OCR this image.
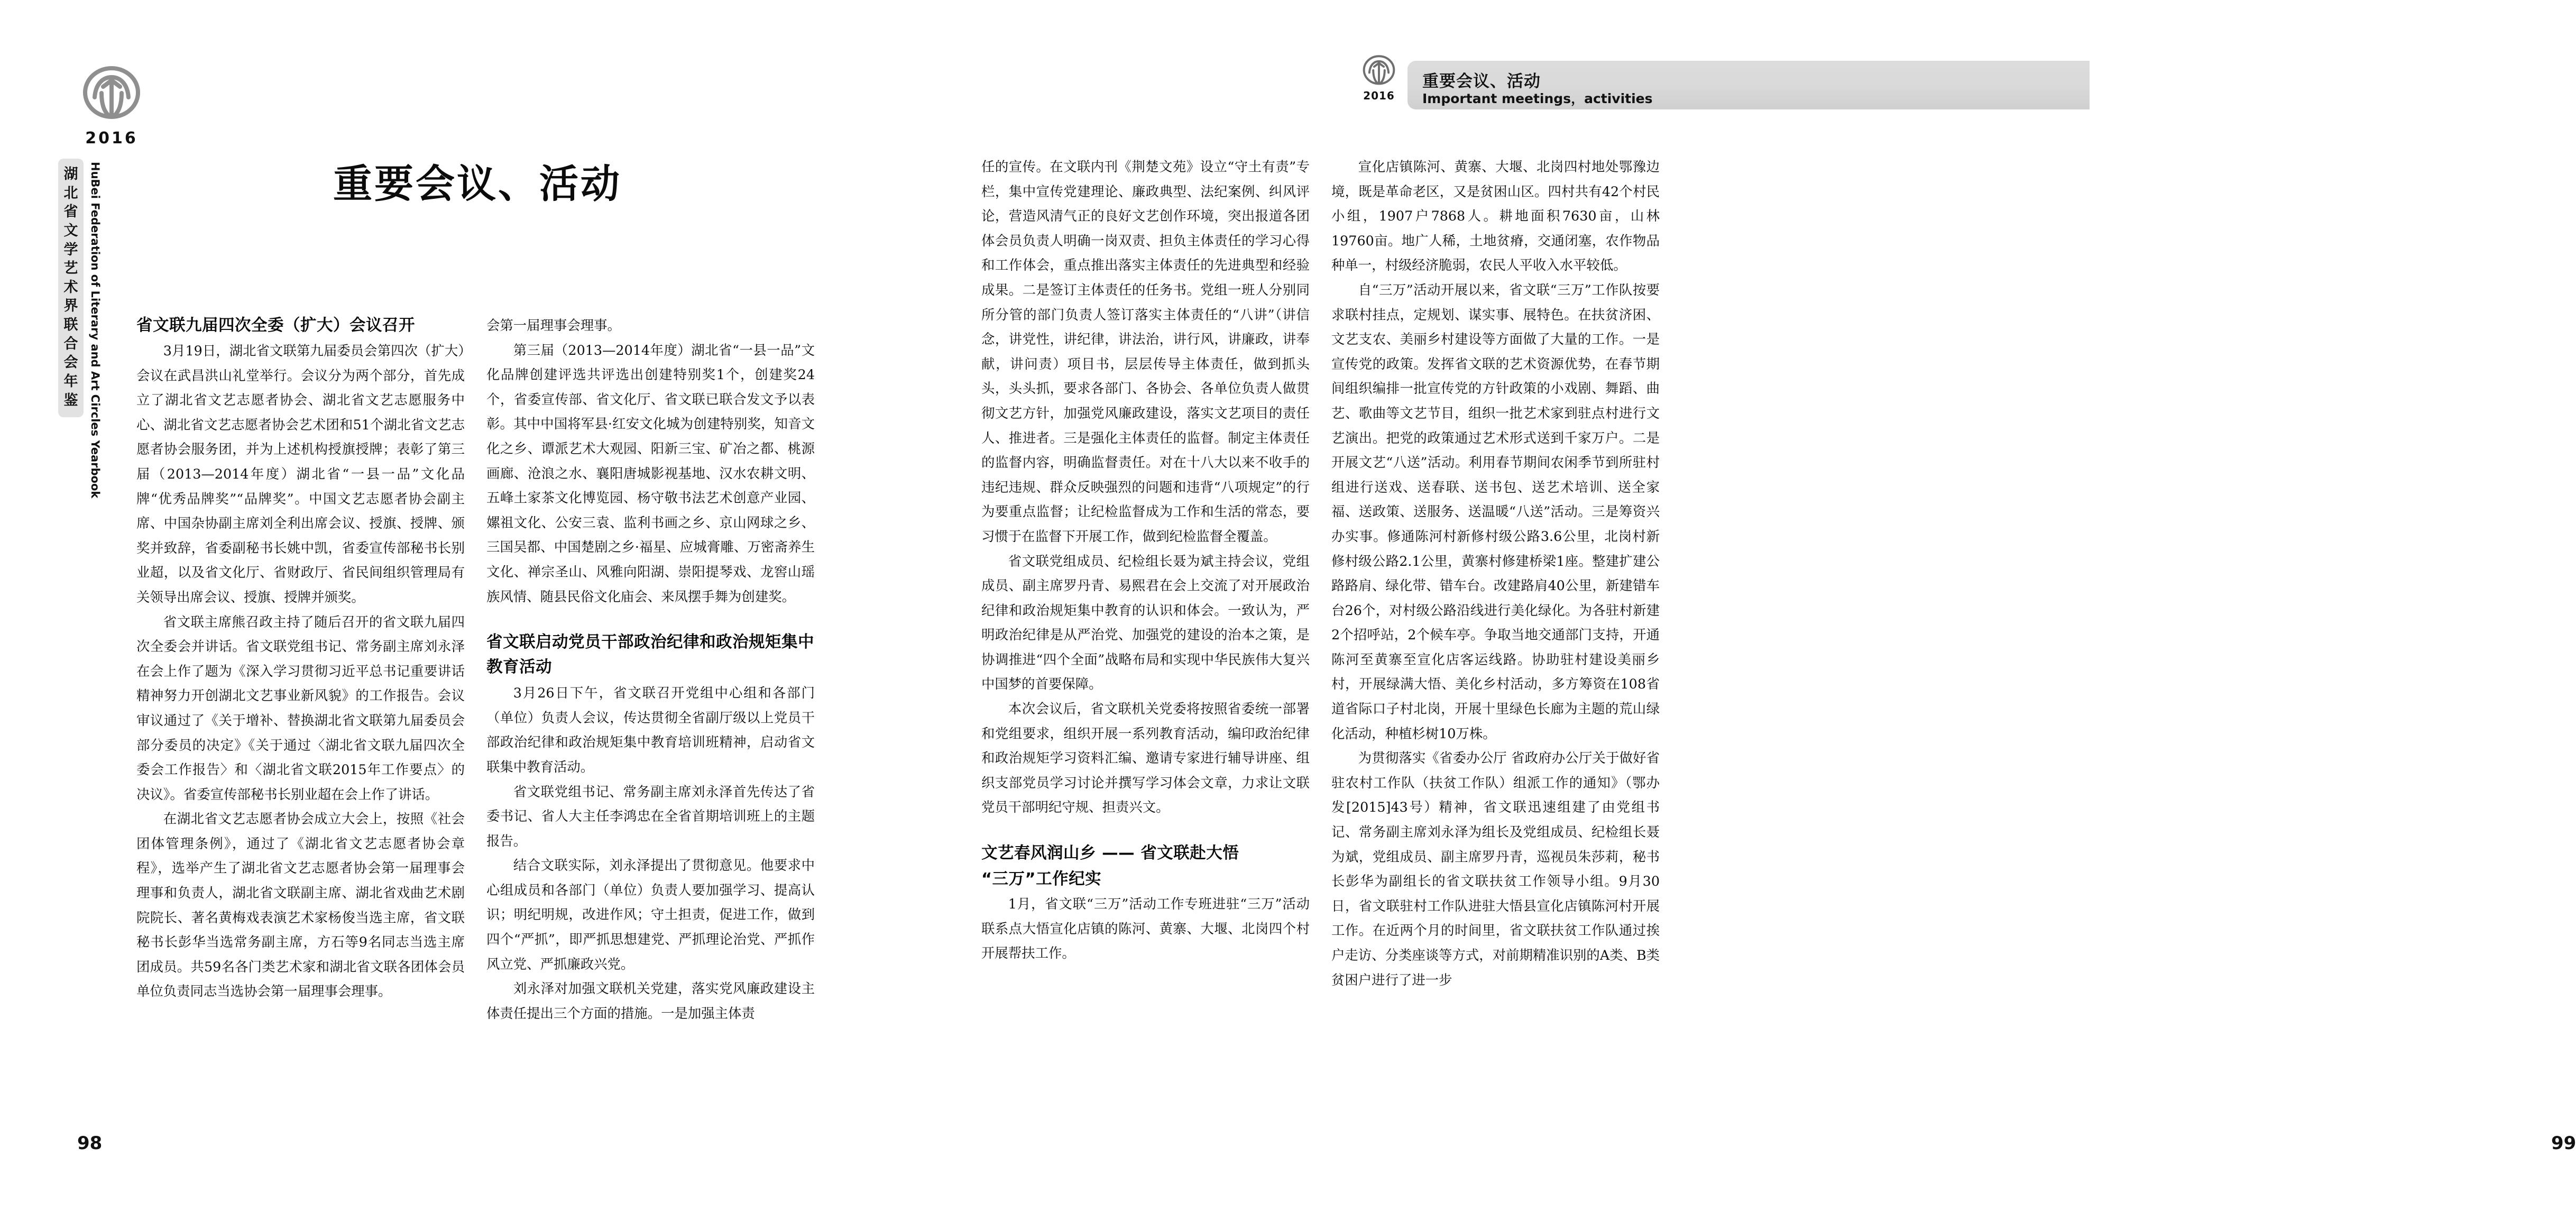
2016
湖
北
省
文
学
艺
术
界
联
合
会
年
鉴 HuBei Federation of Literary and Art Circles Yearbook	重要会议、活动
省文联九届四次全委（扩大）会议召开

3月19日，湖北省文联第九届委员会第四次（扩大）会议在武昌洪山礼堂举行。会议分为两个部分，首先成立了湖北省文艺志愿者协会、湖北省文艺志愿服务中心、湖北省文艺志愿者协会艺术团和51个湖北省文艺志愿者协会服务团，并为上述机构授旗授牌；表彰了第三届（2013—2014年度）湖北省“一县一品”文化品牌“优秀品牌奖”“品牌奖”。中国文艺志愿者协会副主席、中国杂协副主席刘全利出席会议、授旗、授牌、颁奖并致辞，省委副秘书长姚中凯，省委宣传部秘书长别业超，以及省文化厅、省财政厅、省民间组织管理局有关领导出席会议、授旗、授牌并颁奖。

省文联主席熊召政主持了随后召开的省文联九届四次全委会并讲话。省文联党组书记、常务副主席刘永泽在会上作了题为《深入学习贯彻习近平总书记重要讲话精神努力开创湖北文艺事业新风貌》的工作报告。会议审议通过了《关于增补、替换湖北省文联第九届委员会部分委员的决定》《关于通过〈湖北省文联九届四次全委会工作报告〉和〈湖北省文联2015年工作要点〉的决议》。省委宣传部秘书长别业超在会上作了讲话。

在湖北省文艺志愿者协会成立大会上，按照《社会团体管理条例》，通过了《湖北省文艺志愿者协会章程》，选举产生了湖北省文艺志愿者协会第一届理事会理事和负责人，湖北省文联副主席、湖北省戏曲艺术剧院院长、著名黄梅戏表演艺术家杨俊当选主席，省文联秘书长彭华当选常务副主席，方石等9名同志当选主席团成员。共59名各门类艺术家和湖北省文联各团体会员单位负责同志当选协会第一届理事会理事。

会第一届理事会理事。

第三届（2013—2014年度）湖北省“一县一品”文化品牌创建评选共评选出创建特别奖1个，创建奖24个，省委宣传部、省文化厅、省文联已联合发文予以表彰。其中中国将军县·红安文化城为创建特别奖，知音文化之乡、谭派艺术大观园、阳新三宝、矿冶之都、桃源画廊、沧浪之水、襄阳唐城影视基地、汉水农耕文明、五峰土家茶文化博览园、杨守敬书法艺术创意产业园、嫘祖文化、公安三袁、监利书画之乡、京山网球之乡、三国吴都、中国楚剧之乡·福星、应城膏雕、万密斋养生文化、禅宗圣山、风雅向阳湖、崇阳提琴戏、龙窖山瑶族风情、随县民俗文化庙会、来凤摆手舞为创建奖。

省文联启动党员干部政治纪律和政治规矩集中教育活动

3月26日下午，省文联召开党组中心组和各部门（单位）负责人会议，传达贯彻全省副厅级以上党员干部政治纪律和政治规矩集中教育培训班精神，启动省文联集中教育活动。

省文联党组书记、常务副主席刘永泽首先传达了省委书记、省人大主任李鸿忠在全省首期培训班上的主题报告。

结合文联实际，刘永泽提出了贯彻意见。他要求中心组成员和各部门（单位）负责人要加强学习、提高认识；明纪明规，改进作风；守土担责，促进工作，做到四个“严抓”，即严抓思想建党、严抓理论治党、严抓作风立党、严抓廉政兴党。

刘永泽对加强文联机关党建，落实党风廉政建设主体责任提出三个方面的措施。一是加强主体责

98	99
2016
重要会议、活动
Important meetings，activities

任的宣传。在文联内刊《荆楚文苑》设立“守土有责”专栏，集中宣传党建理论、廉政典型、法纪案例、纠风评论，营造风清气正的良好文艺创作环境，突出报道各团体会员负责人明确一岗双责、担负主体责任的学习心得和工作体会，重点推出落实主体责任的先进典型和经验成果。二是签订主体责任的任务书。党组一班人分别同所分管的部门负责人签订落实主体责任的“八讲”（讲信念，讲党性，讲纪律，讲法治，讲行风，讲廉政，讲奉献，讲问责）项目书，层层传导主体责任，做到抓头头，头头抓，要求各部门、各协会、各单位负责人做贯彻文艺方针，加强党风廉政建设，落实文艺项目的责任人、推进者。三是强化主体责任的监督。制定主体责任的监督内容，明确监督责任。对在十八大以来不收手的违纪违规、群众反映强烈的问题和违背“八项规定”的行为要重点监督；让纪检监督成为工作和生活的常态，要习惯于在监督下开展工作，做到纪检监督全覆盖。

省文联党组成员、纪检组长聂为斌主持会议，党组成员、副主席罗丹青、易熙君在会上交流了对开展政治纪律和政治规矩集中教育的认识和体会。一致认为，严明政治纪律是从严治党、加强党的建设的治本之策，是协调推进“四个全面”战略布局和实现中华民族伟大复兴中国梦的首要保障。

本次会议后，省文联机关党委将按照省委统一部署和党组要求，组织开展一系列教育活动，编印政治纪律和政治规矩学习资料汇编、邀请专家进行辅导讲座、组织支部党员学习讨论并撰写学习体会文章，力求让文联党员干部明纪守规、担责兴文。

文艺春风润山乡 —— 省文联赴大悟
“三万”工作纪实

1月，省文联“三万”活动工作专班进驻“三万”活动联系点大悟宣化店镇的陈河、黄寨、大堰、北岗四个村开展帮扶工作。

宣化店镇陈河、黄寨、大堰、北岗四村地处鄂豫边境，既是革命老区，又是贫困山区。四村共有42个村民小组，1907户7868人。耕地面积7630亩，山林19760亩。地广人稀，土地贫瘠，交通闭塞，农作物品种单一，村级经济脆弱，农民人平收入水平较低。

自“三万”活动开展以来，省文联“三万”工作队按要求联村挂点，定规划、谋实事、展特色。在扶贫济困、文艺支农、美丽乡村建设等方面做了大量的工作。一是宣传党的政策。发挥省文联的艺术资源优势，在春节期间组织编排一批宣传党的方针政策的小戏剧、舞蹈、曲艺、歌曲等文艺节目，组织一批艺术家到驻点村进行文艺演出。把党的政策通过艺术形式送到千家万户。二是开展文艺“八送”活动。利用春节期间农闲季节到所驻村组进行送戏、送春联、送书包、送艺术培训、送全家福、送政策、送服务、送温暖“八送”活动。三是筹资兴办实事。修通陈河村新修村级公路3.6公里，北岗村新修村级公路2.1公里，黄寨村修建桥梁1座。整建扩建公路路肩、绿化带、错车台。改建路肩40公里，新建错车台26个，对村级公路沿线进行美化绿化。为各驻村新建2个招呼站，2个候车亭。争取当地交通部门支持，开通陈河至黄寨至宣化店客运线路。协助驻村建设美丽乡村，开展绿满大悟、美化乡村活动，多方筹资在108省道省际口子村北岗，开展十里绿色长廊为主题的荒山绿化活动，种植杉树10万株。

为贯彻落实《省委办公厅 省政府办公厅关于做好省驻农村工作队（扶贫工作队）组派工作的通知》（鄂办发[2015]43号）精神，省文联迅速组建了由党组书记、常务副主席刘永泽为组长及党组成员、纪检组长聂为斌，党组成员、副主席罗丹青，巡视员朱莎莉，秘书长彭华为副组长的省文联扶贫工作领导小组。9月30日，省文联驻村工作队进驻大悟县宣化店镇陈河村开展工作。在近两个月的时间里，省文联扶贫工作队通过挨户走访、分类座谈等方式，对前期精准识别的A类、B类贫困户进行了进一步
